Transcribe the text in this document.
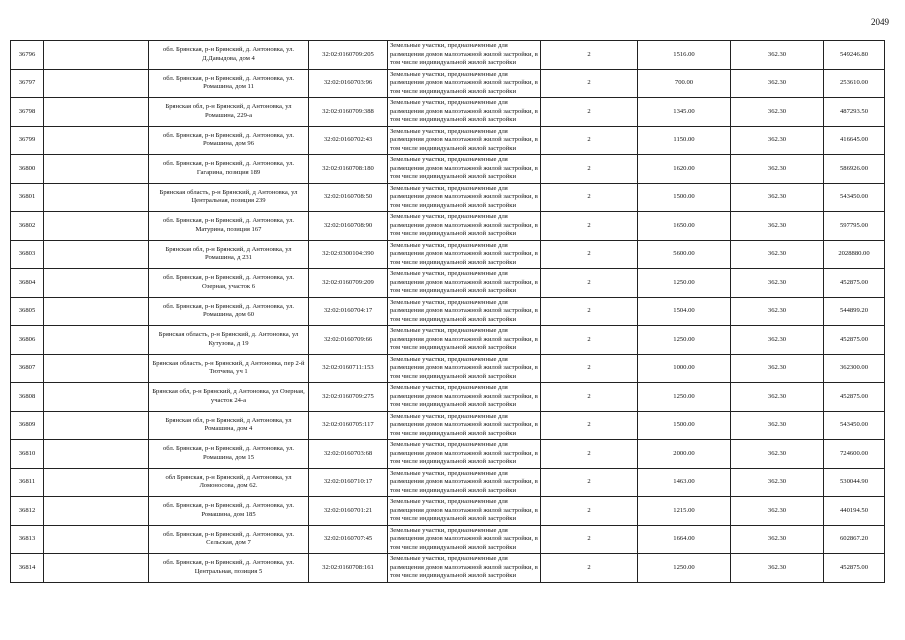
2049
36796		обл. Брянская, р-н Брянский, д. Антоновка, ул. Д.Давыдова, дом 4	32:02:0160709:205	Земельные участки, предназначенные для размещения домов малоэтажной жилой застройки, в том числе индивидуальной жилой застройки	2	1516.00	362.30	549246.80
36797		обл. Брянская, р-н Брянский, д. Антоновка, ул. Ромашина, дом 11	32:02:0160703:96	Земельные участки, предназначенные для размещения домов малоэтажной жилой застройки, в том числе индивидуальной жилой застройки	2	700.00	362.30	253610.00
36798		Брянская обл, р-н Брянский, д Антоновка, ул Ромашина, 229-а	32:02:0160709:388	Земельные участки, предназначенные для размещения домов малоэтажной жилой застройки, в том числе индивидуальной жилой застройки	2	1345.00	362.30	487293.50
36799		обл. Брянская, р-н Брянский, д. Антоновка, ул. Ромашина, дом 96	32:02:0160702:43	Земельные участки, предназначенные для размещения домов малоэтажной жилой застройки, в том числе индивидуальной жилой застройки	2	1150.00	362.30	416645.00
36800		обл. Брянская, р-н Брянский, д. Антоновка, ул. Гагарина, позиция 189	32:02:0160708:180	Земельные участки, предназначенные для размещения домов малоэтажной жилой застройки, в том числе индивидуальной жилой застройки	2	1620.00	362.30	586926.00
36801		Брянская область, р-н Брянский, д Антоновка, ул Центральная, позиция 239	32:02:0160708:50	Земельные участки, предназначенные для размещения домов малоэтажной жилой застройки, в том числе индивидуальной жилой застройки	2	1500.00	362.30	543450.00
36802		обл. Брянская, р-н Брянский, д. Антоновка, ул. Матурина, позиция 167	32:02:0160708:90	Земельные участки, предназначенные для размещения домов малоэтажной жилой застройки, в том числе индивидуальной жилой застройки	2	1650.00	362.30	597795.00
36803		Брянская обл, р-н Брянский, д Антоновка, ул Ромашина, д 231	32:02:0300104:390	Земельные участки, предназначенные для размещения домов малоэтажной жилой застройки, в том числе индивидуальной жилой застройки	2	5600.00	362.30	2028880.00
36804		обл. Брянская, р-н Брянский, д. Антоновка, ул. Озерная, участок 6	32:02:0160709:209	Земельные участки, предназначенные для размещения домов малоэтажной жилой застройки, в том числе индивидуальной жилой застройки	2	1250.00	362.30	452875.00
36805		обл. Брянская, р-н Брянский, д. Антоновка, ул. Ромашина, дом 60	32:02:0160704:17	Земельные участки, предназначенные для размещения домов малоэтажной жилой застройки, в том числе индивидуальной жилой застройки	2	1504.00	362.30	544899.20
36806		Брянская область, р-н Брянский, д. Антоновка, ул Кутузова, д 19	32:02:0160709:66	Земельные участки, предназначенные для размещения домов малоэтажной жилой застройки, в том числе индивидуальной жилой застройки	2	1250.00	362.30	452875.00
36807		Брянская область, р-н Брянский, д Антоновка, пер 2-й Тютчева, уч 1	32:02:0160711:153	Земельные участки, предназначенные для размещения домов малоэтажной жилой застройки, в том числе индивидуальной жилой застройки	2	1000.00	362.30	362300.00
36808		Брянская обл, р-н Брянский, д Антоновка, ул Озерная, участок 24-а	32:02:0160709:275	Земельные участки, предназначенные для размещения домов малоэтажной жилой застройки, в том числе индивидуальной жилой застройки	2	1250.00	362.30	452875.00
36809		Брянская обл, р-н Брянский, д Антоновка, ул Ромашина, дом 4	32:02:0160705:117	Земельные участки, предназначенные для размещения домов малоэтажной жилой застройки, в том числе индивидуальной жилой застройки	2	1500.00	362.30	543450.00
36810		обл. Брянская, р-н Брянский, д. Антоновка, ул. Ромашина, дом 15	32:02:0160703:68	Земельные участки, предназначенные для размещения домов малоэтажной жилой застройки, в том числе индивидуальной жилой застройки	2	2000.00	362.30	724600.00
36811		обл Брянская, р-н Брянский, д Антоновка, ул Ломоносова, дом 62.	32:02:0160710:17	Земельные участки, предназначенные для размещения домов малоэтажной жилой застройки, в том числе индивидуальной жилой застройки	2	1463.00	362.30	530044.90
36812		обл. Брянская, р-н Брянский, д. Антоновка, ул. Ромашина, дом 185	32:02:0160701:21	Земельные участки, предназначенные для размещения домов малоэтажной жилой застройки, в том числе индивидуальной жилой застройки	2	1215.00	362.30	440194.50
36813		обл. Брянская, р-н Брянский, д. Антоновка, ул. Сельская, дом 7	32:02:0160707:45	Земельные участки, предназначенные для размещения домов малоэтажной жилой застройки, в том числе индивидуальной жилой застройки	2	1664.00	362.30	602867.20
36814		обл. Брянская, р-н Брянский, д. Антоновка, ул. Центральная, позиция 5	32:02:0160708:161	Земельные участки, предназначенные для размещения домов малоэтажной жилой застройки, в том числе индивидуальной жилой застройки	2	1250.00	362.30	452875.00
